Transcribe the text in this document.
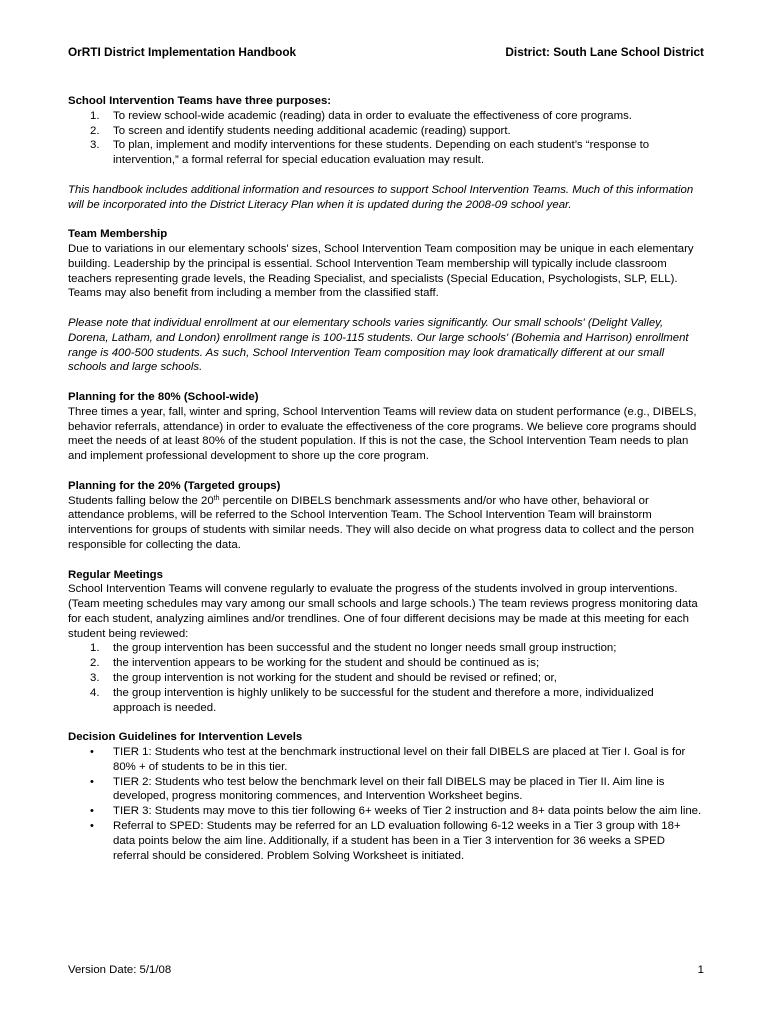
OrRTI District Implementation Handbook	District: South Lane School District

School Intervention Teams have three purposes:

1. To review school-wide academic (reading) data in order to evaluate the effectiveness of core programs.
2. To screen and identify students needing additional academic (reading) support.
3. To plan, implement and modify interventions for these students. Depending on each student’s “response to intervention,” a formal referral for special education evaluation may result.

This handbook includes additional information and resources to support School Intervention Teams. Much of this information will be incorporated into the District Literacy Plan when it is updated during the 2008-09 school year.

Team Membership

Due to variations in our elementary schools' sizes, School Intervention Team composition may be unique in each elementary building. Leadership by the principal is essential. School Intervention Team membership will typically include classroom teachers representing grade levels, the Reading Specialist, and specialists (Special Education, Psychologists, SLP, ELL). Teams may also benefit from including a member from the classified staff.

Please note that individual enrollment at our elementary schools varies significantly. Our small schools' (Delight Valley, Dorena, Latham, and London) enrollment range is 100-115 students. Our large schools' (Bohemia and Harrison) enrollment range is 400-500 students. As such, School Intervention Team composition may look dramatically different at our small schools and large schools.

Planning for the 80% (School-wide)

Three times a year, fall, winter and spring, School Intervention Teams will review data on student performance (e.g., DIBELS, behavior referrals, attendance) in order to evaluate the effectiveness of the core programs. We believe core programs should meet the needs of at least 80% of the student population. If this is not the case, the School Intervention Team needs to plan and implement professional development to shore up the core program.

Planning for the 20% (Targeted groups)

Students falling below the 20th percentile on DIBELS benchmark assessments and/or who have other, behavioral or attendance problems, will be referred to the School Intervention Team. The School Intervention Team will brainstorm interventions for groups of students with similar needs. They will also decide on what progress data to collect and the person responsible for collecting the data.

Regular Meetings

School Intervention Teams will convene regularly to evaluate the progress of the students involved in group interventions. (Team meeting schedules may vary among our small schools and large schools.) The team reviews progress monitoring data for each student, analyzing aimlines and/or trendlines. One of four different decisions may be made at this meeting for each student being reviewed:

1. the group intervention has been successful and the student no longer needs small group instruction;
2. the intervention appears to be working for the student and should be continued as is;
3. the group intervention is not working for the student and should be revised or refined; or,
4. the group intervention is highly unlikely to be successful for the student and therefore a more, individualized approach is needed.

Decision Guidelines for Intervention Levels

• TIER 1: Students who test at the benchmark instructional level on their fall DIBELS are placed at Tier I. Goal is for 80% + of students to be in this tier.
• TIER 2: Students who test below the benchmark level on their fall DIBELS may be placed in Tier II. Aim line is developed, progress monitoring commences, and Intervention Worksheet begins.
• TIER 3: Students may move to this tier following 6+ weeks of Tier 2 instruction and 8+ data points below the aim line.
• Referral to SPED: Students may be referred for an LD evaluation following 6-12 weeks in a Tier 3 group with 18+ data points below the aim line. Additionally, if a student has been in a Tier 3 intervention for 36 weeks a SPED referral should be considered. Problem Solving Worksheet is initiated.
Version Date: 5/1/08	1
